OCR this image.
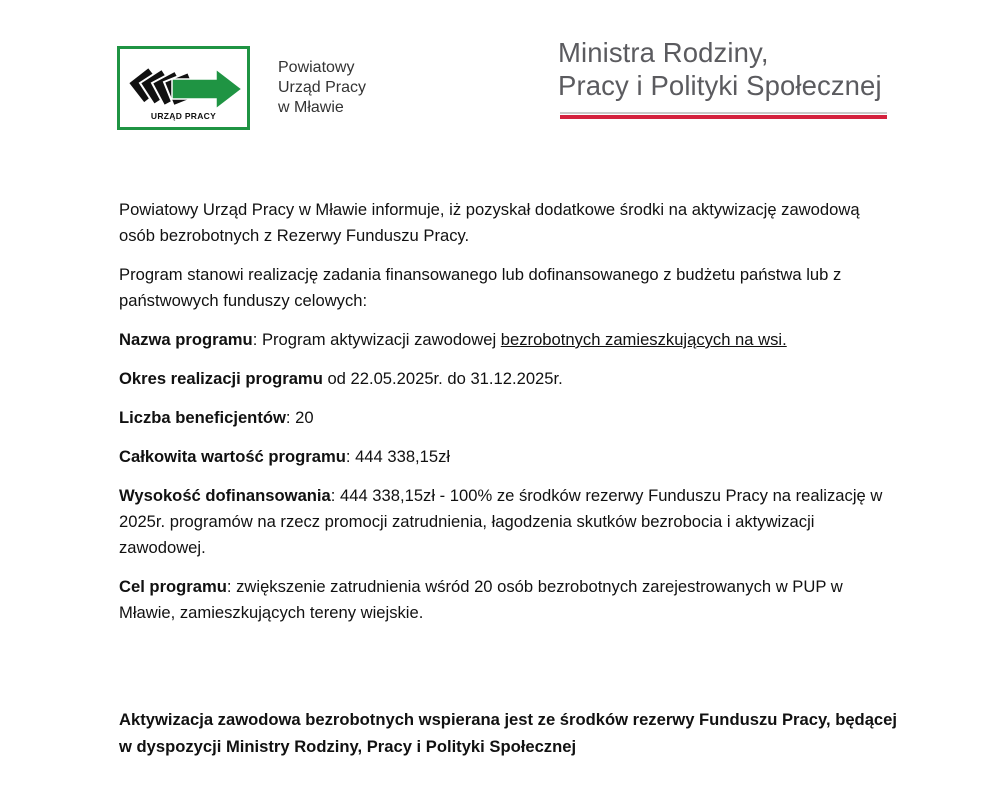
URZĄD PRACY
Powiatowy
Urząd Pracy
w Mławie
Ministra Rodziny,
Pracy i Polityki Społecznej

Powiatowy Urząd Pracy w Mławie informuje, iż pozyskał dodatkowe środki na aktywizację zawodową osób bezrobotnych z Rezerwy Funduszu Pracy.

Program stanowi realizację zadania finansowanego lub dofinansowanego z budżetu państwa lub z państwowych funduszy celowych:

Nazwa programu: Program aktywizacji zawodowej bezrobotnych zamieszkujących na wsi.

Okres realizacji programu od 22.05.2025r. do 31.12.2025r.

Liczba beneficjentów: 20

Całkowita wartość programu: 444 338,15zł

Wysokość dofinansowania: 444 338,15zł - 100% ze środków rezerwy Funduszu Pracy na realizację w 2025r. programów na rzecz promocji zatrudnienia, łagodzenia skutków bezrobocia i aktywizacji zawodowej.

Cel programu: zwiększenie zatrudnienia wśród 20 osób bezrobotnych zarejestrowanych w PUP w Mławie, zamieszkujących tereny wiejskie.

Aktywizacja zawodowa bezrobotnych wspierana jest ze środków rezerwy Funduszu Pracy, będącej w dyspozycji Ministry Rodziny, Pracy i Polityki Społecznej
